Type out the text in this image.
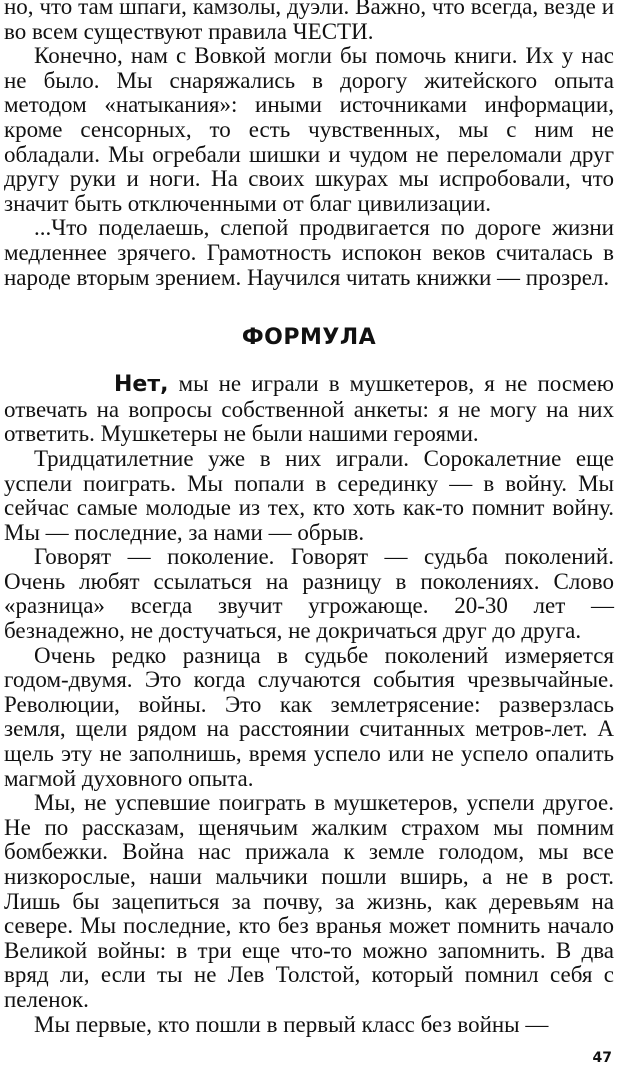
но, что там шпаги, камзолы, дуэли. Важно, что всегда, везде и во всем существуют правила ЧЕСТИ.

Конечно, нам с Вовкой могли бы помочь книги. Их у нас не было. Мы снаряжались в дорогу житейского опыта методом «натыкания»: иными источниками информации, кроме сенсорных, то есть чувственных, мы с ним не обладали. Мы огребали шишки и чудом не переломали друг другу руки и ноги. На своих шкурах мы испробовали, что значит быть отключенными от благ цивилизации.

...Что поделаешь, слепой продвигается по дороге жизни медленнее зрячего. Грамотность испокон веков считалась в народе вторым зрением. Научился читать книжки — прозрел.

ФОРМУЛА

Нет, мы не играли в мушкетеров, я не посмею отвечать на вопросы собственной анкеты: я не могу на них ответить. Мушкетеры не были нашими героями.

Тридцатилетние уже в них играли. Сорокалетние еще успели поиграть. Мы попали в серединку — в войну. Мы сейчас самые молодые из тех, кто хоть как-то помнит войну. Мы — последние, за нами — обрыв.

Говорят — поколение. Говорят — судьба поколений. Очень любят ссылаться на разницу в поколениях. Слово «разница» всегда звучит угрожающе. 20-30 лет — безнадежно, не достучаться, не докричаться друг до друга.

Очень редко разница в судьбе поколений измеряется годом-двумя. Это когда случаются события чрезвычайные. Революции, войны. Это как землетрясение: разверзлась земля, щели рядом на расстоянии считанных метров-лет. А щель эту не заполнишь, время успело или не успело опалить магмой духовного опыта.

Мы, не успевшие поиграть в мушкетеров, успели другое. Не по рассказам, щенячьим жалким страхом мы помним бомбежки. Война нас прижала к земле голодом, мы все низкорослые, наши мальчики пошли вширь, а не в рост. Лишь бы зацепиться за почву, за жизнь, как деревьям на севере. Мы последние, кто без вранья может помнить начало Великой войны: в три еще что-то можно запомнить. В два вряд ли, если ты не Лев Толстой, который помнил себя с пеленок.

Мы первые, кто пошли в первый класс без войны —

47
